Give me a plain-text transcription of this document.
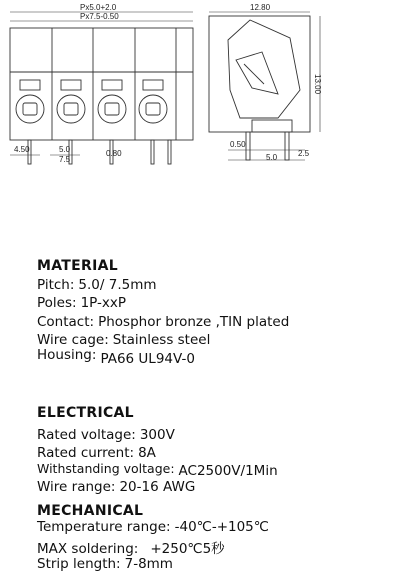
Px5.0+2.0
Px7.5-0.50
4.50	5.0
7.5
0.80
12.80
13.00
0.50
5.0	2.5
MATERIAL

Pitch: 5.0/ 7.5mm

Poles: 1P-xxP

Contact: Phosphor bronze ,TIN plated

Wire cage: Stainless steel

Housing: PA66 UL94V-0

ELECTRICAL

Rated voltage: 300V

Rated current: 8A

Withstanding voltage: AC2500V/1Min

Wire range: 20-16 AWG

MECHANICAL

Temperature range: -40℃-+105℃

MAX soldering: +250℃5秒

Strip length: 7-8mm
